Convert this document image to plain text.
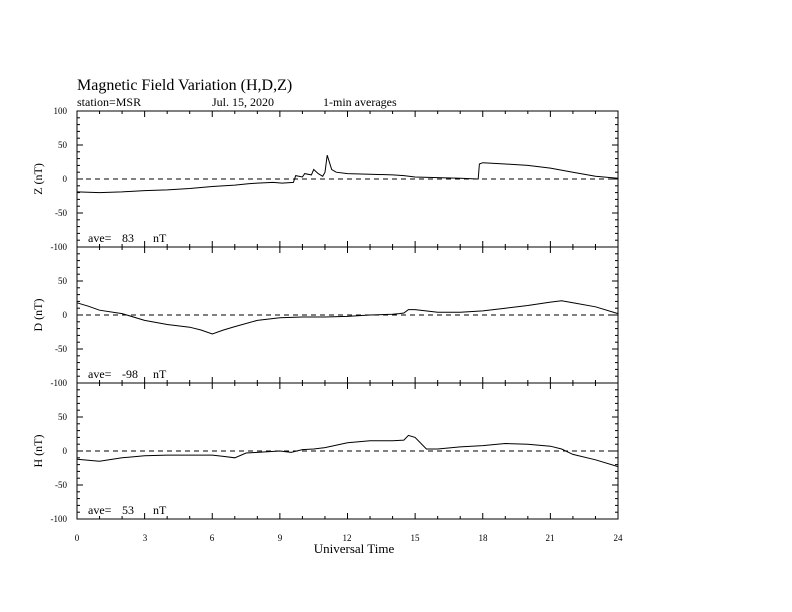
Magnetic Field Variation (H,D,Z)
station=MSR	Jul. 15, 2020	1-min averages
Z (nT)
100
50
0
-50
-100
ave= 83 nT
D (nT)
50
0
-50
-100
ave= -98 nT
H (nT)
50
0
-50
-100
ave= 53 nT
0	3	6	9	12	15	18	21	24
Universal Time
